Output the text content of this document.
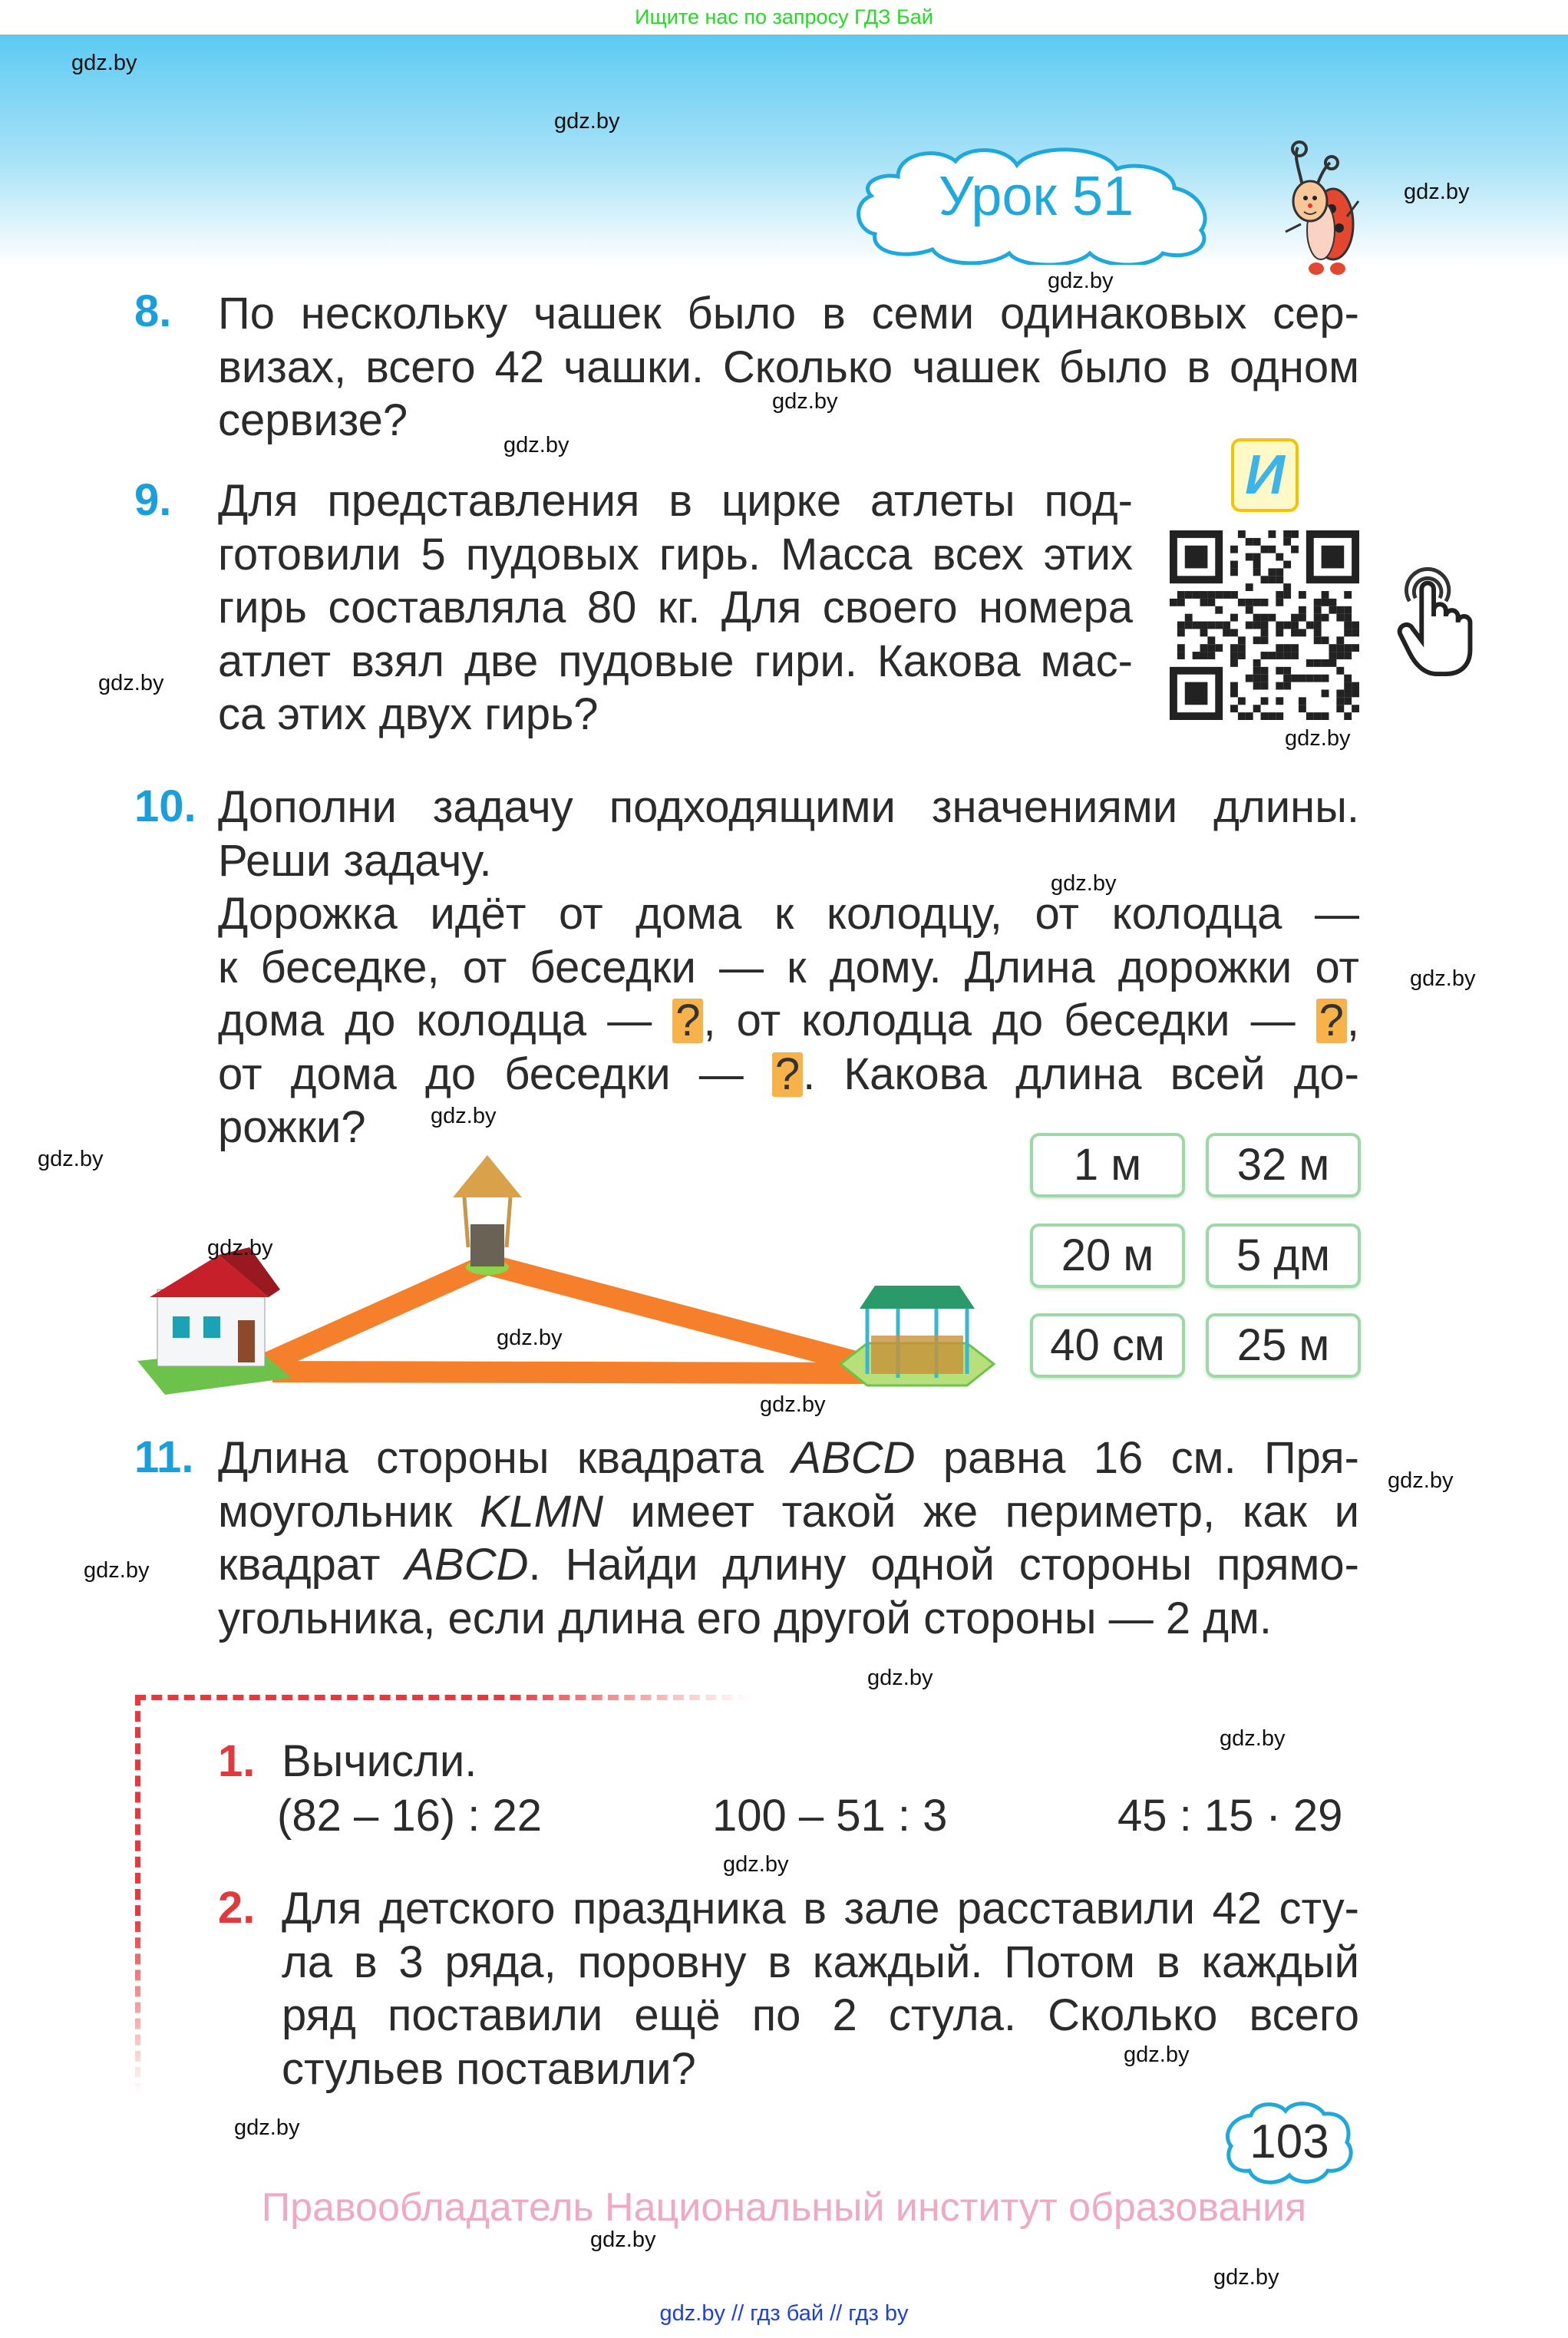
Ищите нас по запросу ГДЗ Бай
Урок 51
8.
9.	И
10.
1 м	32 м
20 м	5 дм
40 см	25 м
11.
1. Вычисли.
(82 – 16) : 22	100 – 51 : 3	45 : 15 · 29
2.
103
Правообладатель Национальный институт образования
gdz.by // гдз бай // гдз by
gdz.by
gdz.by
gdz.by
gdz.by
gdz.by
gdz.by
gdz.by
gdz.by
gdz.by
gdz.by
gdz.by
gdz.by
gdz.by
gdz.by
gdz.by
gdz.by
gdz.by
gdz.by
gdz.by
gdz.by
gdz.by
gdz.by
gdz.by
gdz.by
По нескольку чашек было в семи одинаковых сер-
визах, всего 42 чашки. Сколько чашек было в одном
сервизе?
Для представления в цирке атлеты под-
готовили 5 пудовых гирь. Масса всех этих
гирь составляла 80 кг. Для своего номера
атлет взял две пудовые гири. Какова мас-
са этих двух гирь?
Дополни задачу подходящими значениями длины.
Реши задачу.
Дорожка идёт от дома к колодцу, от колодца —
к беседке, от беседки — к дому. Длина дорожки от
дома до колодца — ?, от колодца до беседки — ?,
от дома до беседки — ?. Какова длина всей до-
рожки?
Длина стороны квадрата ABCD равна 16 см. Пря-
моугольник KLMN имеет такой же периметр, как и
квадрат ABCD. Найди длину одной стороны прямо-
угольника, если длина его другой стороны — 2 дм.
Для детского праздника в зале расставили 42 сту-
ла в 3 ряда, поровну в каждый. Потом в каждый
ряд поставили ещё по 2 стула. Сколько всего
стульев поставили?
